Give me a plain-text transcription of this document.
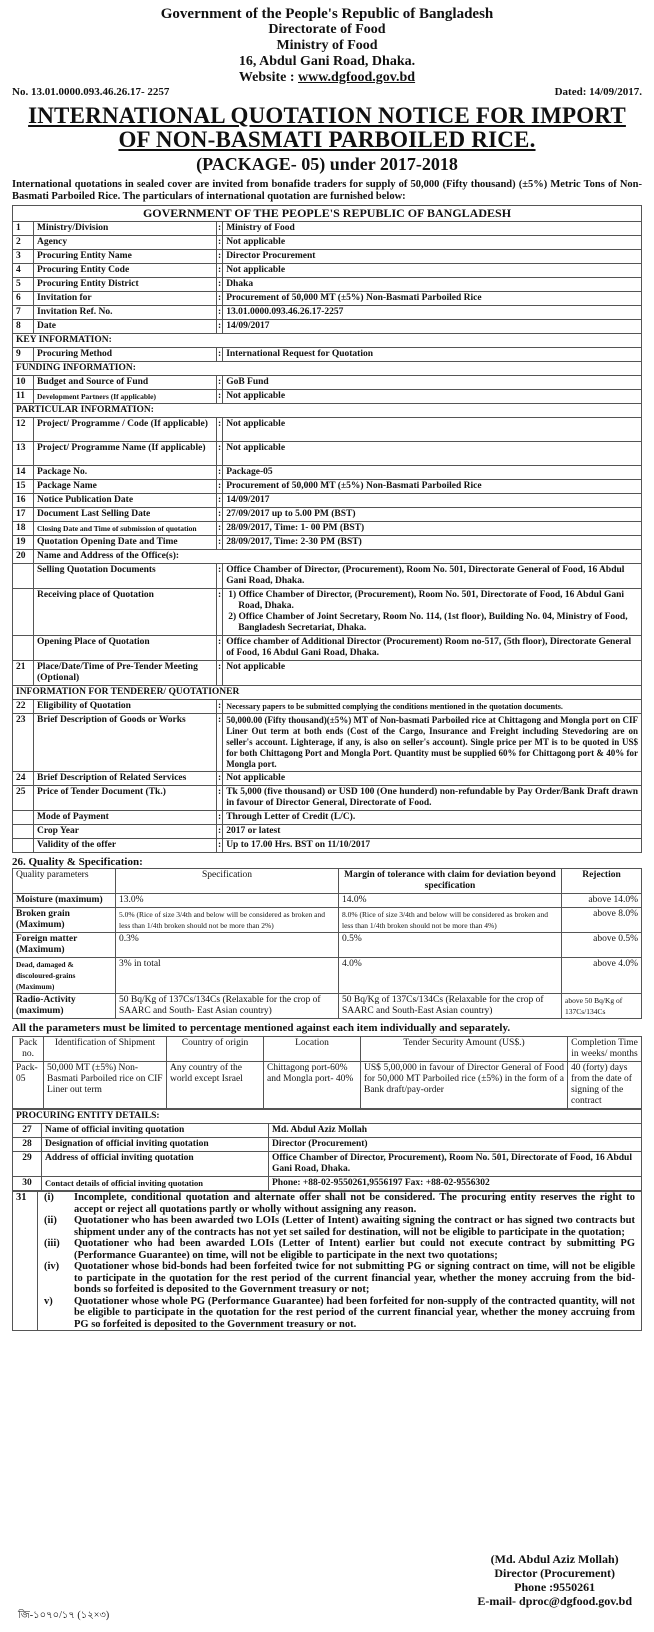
Government of the People's Republic of Bangladesh
Directorate of Food
Ministry of Food
16, Abdul Gani Road, Dhaka.
Website : www.dgfood.gov.bd
No. 13.01.0000.093.46.26.17- 2257	Dated: 14/09/2017.
INTERNATIONAL QUOTATION NOTICE FOR IMPORT
OF NON-BASMATI PARBOILED RICE.
(PACKAGE- 05) under 2017-2018
International quotations in sealed cover are invited from bonafide traders for supply of 50,000 (Fifty thousand) (±5%) Metric Tons of Non-Basmati Parboiled Rice. The particulars of international quotation are furnished below:
GOVERNMENT OF THE PEOPLE'S REPUBLIC OF BANGLADESH			
1	Ministry/Division	:	Ministry of Food
2	Agency	:	Not applicable
3	Procuring Entity Name	:	Director Procurement
4	Procuring Entity Code	:	Not applicable
5	Procuring Entity District	:	Dhaka
6	Invitation for	:	Procurement of 50,000 MT (±5%) Non-Basmati Parboiled Rice
7	Invitation Ref. No.	:	13.01.0000.093.46.26.17-2257
8	Date	:	14/09/2017
KEY INFORMATION:			
9	Procuring Method	:	International Request for Quotation
FUNDING INFORMATION:			
10	Budget and Source of Fund	:	GoB Fund
11	Development Partners (If applicable)	:	Not applicable
PARTICULAR INFORMATION:			
12	Project/ Programme / Code (If applicable)	:	Not applicable
13	Project/ Programme Name (If applicable)	:	Not applicable
14	Package No.	:	Package-05
15	Package Name	:	Procurement of 50,000 MT (±5%) Non-Basmati Parboiled Rice
16	Notice Publication Date	:	14/09/2017
17	Document Last Selling Date	:	27/09/2017 up to 5.00 PM (BST)
18	Closing Date and Time of submission of quotation	:	28/09/2017, Time: 1- 00 PM (BST)
19	Quotation Opening Date and Time	:	28/09/2017, Time: 2-30 PM (BST)
20	Name and Address of the Office(s):		
	Selling Quotation Documents	:	Office Chamber of Director, (Procurement), Room No. 501, Directorate General of Food, 16 Abdul Gani Road, Dhaka.
	Receiving place of Quotation	:	1) Office Chamber of Director, (Procurement), Room No. 501, Directorate of Food, 16 Abdul Gani Road, Dhaka.
2) Office Chamber of Joint Secretary, Room No. 114, (1st floor), Building No. 04, Ministry of Food, Bangladesh Secretariat, Dhaka.

	Opening Place of Quotation	:	Office chamber of Additional Director (Procurement) Room no-517, (5th floor), Directorate General of Food, 16 Abdul Gani Road, Dhaka.
21	Place/Date/Time of Pre-Tender Meeting (Optional)	:	Not applicable
INFORMATION FOR TENDERER/ QUOTATIONER			
22	Eligibility of Quotation	:	Necessary papers to be submitted complying the conditions mentioned in the quotation documents.
23	Brief Description of Goods or Works	:	50,000.00 (Fifty thousand)(±5%) MT of Non-basmati Parboiled rice at Chittagong and Mongla port on CIF Liner Out term at both ends (Cost of the Cargo, Insurance and Freight including Stevedoring are on seller's account. Lighterage, if any, is also on seller's account). Single price per MT is to be quoted in US$ for both Chittagong Port and Mongla Port. Quantity must be supplied 60% for Chittagong port & 40% for Mongla port.
24	Brief Description of Related Services	:	Not applicable
25	Price of Tender Document (Tk.)	:	Tk 5,000 (five thousand) or USD 100 (One hunderd) non-refundable by Pay Order/Bank Draft drawn in favour of Director General, Directorate of Food.
	Mode of Payment	:	Through Letter of Credit (L/C).
	Crop Year	:	2017 or latest
	Validity of the offer	:	Up to 17.00 Hrs. BST on 11/10/2017
26. Quality & Specification:
Quality parameters	Specification	Margin of tolerance with claim for deviation beyond specification	Rejection
Moisture (maximum)	13.0%	14.0%	above 14.0%
Broken grain (Maximum)	5.0% (Rice of size 3/4th and below will be considered as broken and less than 1/4th broken should not be more than 2%)	8.0% (Rice of size 3/4th and below will be considered as broken and less than 1/4th broken should not be more than 4%)	above 8.0%
Foreign matter (Maximum)	0.3%	0.5%	above 0.5%
Dead, damaged & discoloured-grains (Maximum)	3% in total	4.0%	above 4.0%
Radio-Activity (maximum)	50 Bq/Kg of 137Cs/134Cs (Relaxable for the crop of SAARC and South- East Asian country)	50 Bq/Kg of 137Cs/134Cs (Relaxable for the crop of SAARC and South-East Asian country)	above 50 Bq/Kg of 137Cs/134Cs
All the parameters must be limited to percentage mentioned against each item individually and separately.
Pack no.	Identification of Shipment	Country of origin	Location	Tender Security Amount (US$.)	Completion Time in weeks/ months
Pack-05	50,000 MT (±5%) Non-Basmati Parboiled rice on CIF Liner out term	Any country of the world except Israel	Chittagong port-60% and Mongla port- 40%	US$ 5,00,000 in favour of Director General of Food for 50,000 MT Parboiled rice (±5%) in the form of a Bank draft/pay-order	40 (forty) days from the date of signing of the contract
PROCURING ENTITY DETAILS:		
27	Name of official inviting quotation	Md. Abdul Aziz Mollah
28	Designation of official inviting quotation	Director (Procurement)
29	Address of official inviting quotation	Office Chamber of Director, Procurement), Room No. 501, Directorate of Food, 16 Abdul Gani Road, Dhaka.
30	Contact details of official inviting quotation	Phone: +88-02-9550261,9556197 Fax: +88-02-9556302
31	(i)	Incomplete, conditional quotation and alternate offer shall not be considered. The procuring entity reserves the right to accept or reject all quotations partly or wholly without assigning any reason.
(ii)	Quotationer who has been awarded two LOIs (Letter of Intent) awaiting signing the contract or has signed two contracts but shipment under any of the contracts has not yet set sailed for destination, will not be eligible to participate in the quotation;
(iii)	Quotationer who had been awarded LOIs (Letter of Intent) earlier but could not execute contract by submitting PG (Performance Guarantee) on time, will not be eligible to participate in the next two quotations;
(iv)	Quotationer whose bid-bonds had been forfeited twice for not submitting PG or signing contract on time, will not be eligible to participate in the quotation for the rest period of the current financial year, whether the money accruing from the bid-bonds so forfeited is deposited to the Government treasury or not;
v)	Quotationer whose whole PG (Performance Guarantee) had been forfeited for non-supply of the contracted quantity, will not be eligible to participate in the quotation for the rest period of the current financial year, whether the money accruing from PG so forfeited is deposited to the Government treasury or not.
(Md. Abdul Aziz Mollah)
Director (Procurement)
Phone :9550261
E-mail- dproc@dgfood.gov.bd
জি-১০৭০/১৭ (১২×৩)
